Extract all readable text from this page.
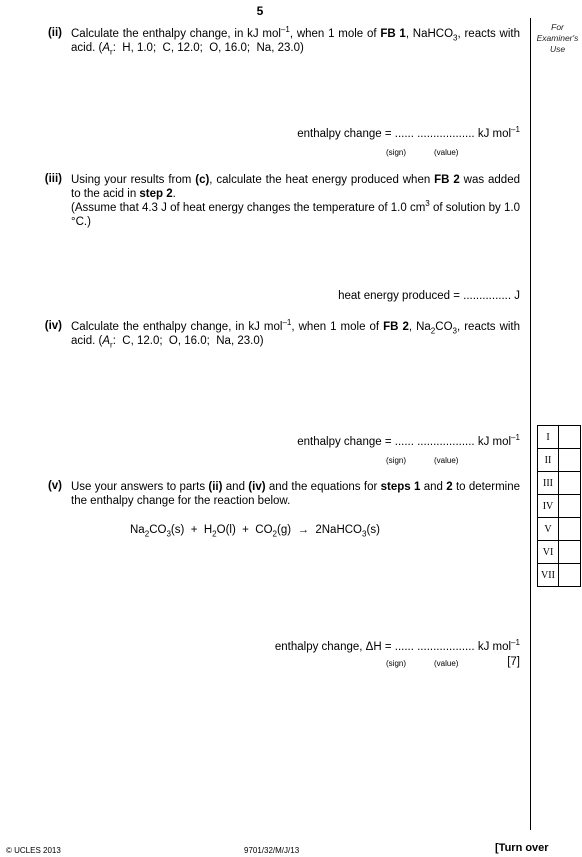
5
For
Examiner's
Use
(ii) Calculate the enthalpy change, in kJ mol$^{-1}$, when 1 mole of FB 1, NaHCO$_3$, reacts with acid. ($A_r$:  H, 1.0;  C, 12.0;  O, 16.0;  Na, 23.0)
enthalpy change = ...... .................. kJ mol$^{-1}$
(sign)	(value)
(iii) Using your results from (c), calculate the heat energy produced when FB 2 was added to the acid in step 2.
(Assume that 4.3 J of heat energy changes the temperature of 1.0 $cm^3$ of solution by 1.0 °C.)
heat energy produced = ............... J
(iv) Calculate the enthalpy change, in kJ mol$^{-1}$, when 1 mole of FB 2, $Na_2CO_3$, reacts with acid. ($A_r$:  C, 12.0;  O, 16.0;  Na, 23.0)
enthalpy change = ...... .................. kJ mol$^{-1}$
(sign)	(value)
(v) Use your answers to parts (ii) and (iv) and the equations for steps 1 and 2 to determine the enthalpy change for the reaction below.
$Na_2CO_3(s) + H_2O(l) + CO_2(g)$  →  2NaHCO$_3$(s)
enthalpy change, ΔH = ...... .................. kJ mol$^{-1}$
(sign)	(value)	[7]
I	
II	
III	
IV	
V	
VI	
VII	
© UCLES 2013	9701/32/M/J/13	[Turn over
